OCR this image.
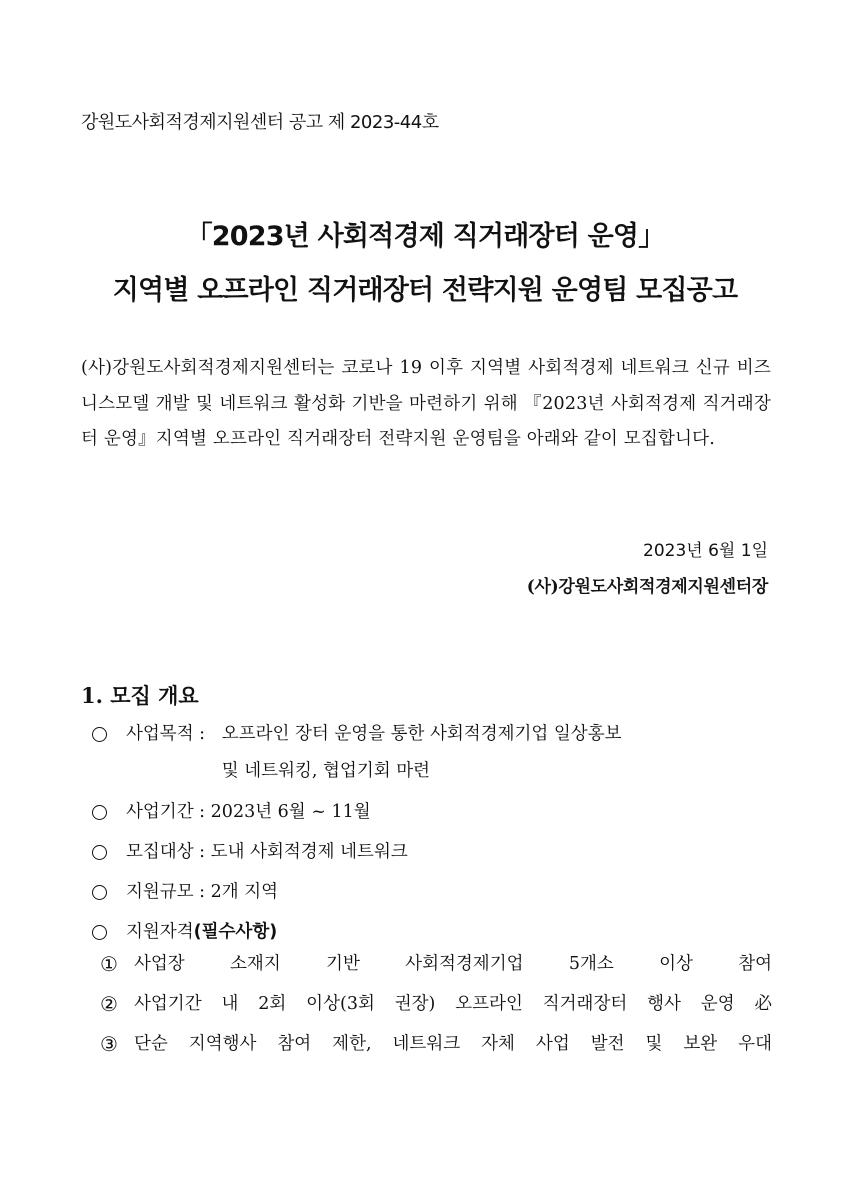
강원도사회적경제지원센터 공고 제 2023-44호
「2023년 사회적경제 직거래장터 운영」
지역별 오프라인 직거래장터 전략지원 운영팀 모집공고

(사)강원도사회적경제지원센터는 코로나 19 이후 지역별 사회적경제 네트워크 신규 비즈니스모델 개발 및 네트워크 활성화 기반을 마련하기 위해 『2023년 사회적경제 직거래장터 운영』지역별 오프라인 직거래장터 전략지원 운영팀을 아래와 같이 모집합니다.

2023년 6월 1일
(사)강원도사회적경제지원센터장
1. 모집 개요
사업목적 :
오프라인 장터 운영을 통한 사회적경제기업 일상홍보
및 네트워킹, 협업기회 마련
사업기간 :
2023년 6월 ~ 11월
모집대상 :
도내 사회적경제 네트워크
지원규모 :
2개 지역
지원자격 (필수사항)
① 사업장 소재지 기반 사회적경제기업 5개소 이상 참여
② 사업기간 내 2회 이상(3회 권장) 오프라인 직거래장터 행사 운영 必
③ 단순 지역행사 참여 제한, 네트워크 자체 사업 발전 및 보완 우대
